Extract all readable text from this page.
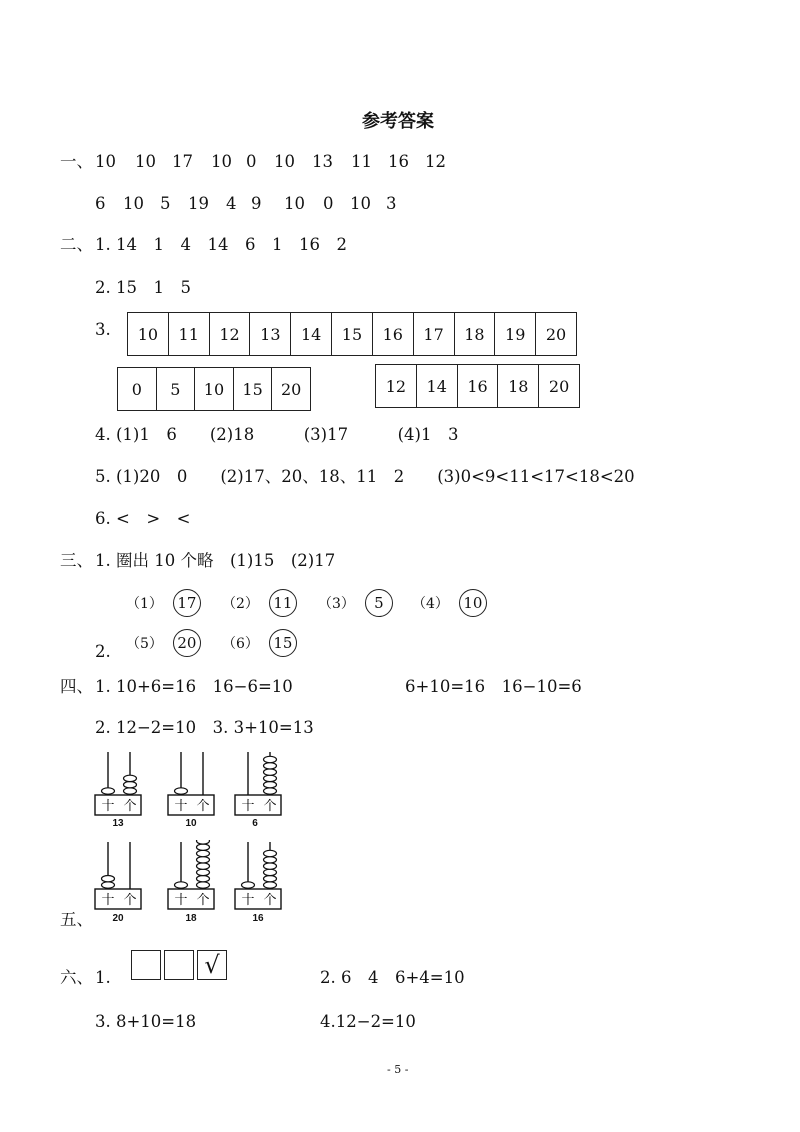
参考答案
一、 10 10 17 10 0 10 13 11 16 12
6 10 5 19 4 9 10 0 10 3
二、 1. 14　1　4　14　6　1　16　2
2. 15　1　5
3.	10	11	12	13	14	15	16	17	18	19	20
0	5	10	15	20	12	14	16	18	20
4. (1)1　6　　(2)18　　　(3)17　　　(4)1　3
5. (1)20　0　　(2)17、20、18、11　2　　(3)0<9<11<17<18<20
6. <　>　<
三、 1. 圈出 10 个略　(1)15　(2)17
（1） 17	（2） 11	（3）	5	（4） 10
（5） 20	（6） 15
2.
四、 1. 10+6=16　16−6=10	6+10=16　16−10=6
2. 12−2=10　3. 3+10=13
十 个
13
十 个
10
十 个
6
十 个
20
十 个
18
十 个
16
五、
六、 1.	√	2. 6　4　6+4=10
3. 8+10=18	4.12−2=10
- 5 -
